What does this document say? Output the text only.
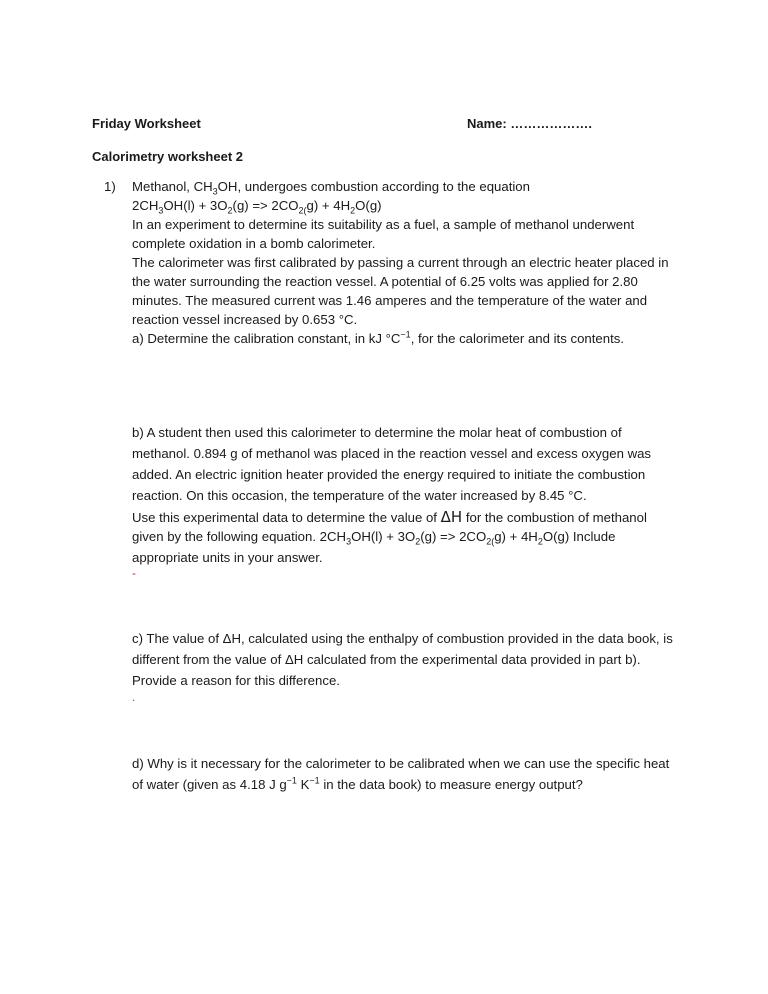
Friday Worksheet	Name: ……………….
Calorimetry worksheet 2
1) Methanol, $CH_3OH$, undergoes combustion according to the equation
$2CH_3OH(l) + 3O_2(g) => 2CO_{2(}g) + 4H_2O(g)$
In an experiment to determine its suitability as a fuel, a sample of methanol underwent
complete oxidation in a bomb calorimeter.
The calorimeter was first calibrated by passing a current through an electric heater placed in
the water surrounding the reaction vessel. A potential of 6.25 volts was applied for 2.80
minutes. The measured current was 1.46 amperes and the temperature of the water and
reaction vessel increased by 0.653 °C.
a) Determine the calibration constant, in kJ $^\circ C^{-1}$, for the calorimeter and its contents.
b) A student then used this calorimeter to determine the molar heat of combustion of
methanol. 0.894 g of methanol was placed in the reaction vessel and excess oxygen was
added. An electric ignition heater provided the energy required to initiate the combustion
reaction. On this occasion, the temperature of the water increased by 8.45 °C.
Use this experimental data to determine the value of ΔH for the combustion of methanol
given by the following equation. $2CH_3OH(l) + 3O_2(g) => 2CO_{2(}g) + 4H_2O(g)$ Include
appropriate units in your answer.
-
c) The value of ΔH, calculated using the enthalpy of combustion provided in the data book, is
different from the value of ΔH calculated from the experimental data provided in part b).
Provide a reason for this difference.
.
d) Why is it necessary for the calorimeter to be calibrated when we can use the specific heat
of water (given as 4.18 J $g^{-1}$ $K^{-1}$ in the data book) to measure energy output?
